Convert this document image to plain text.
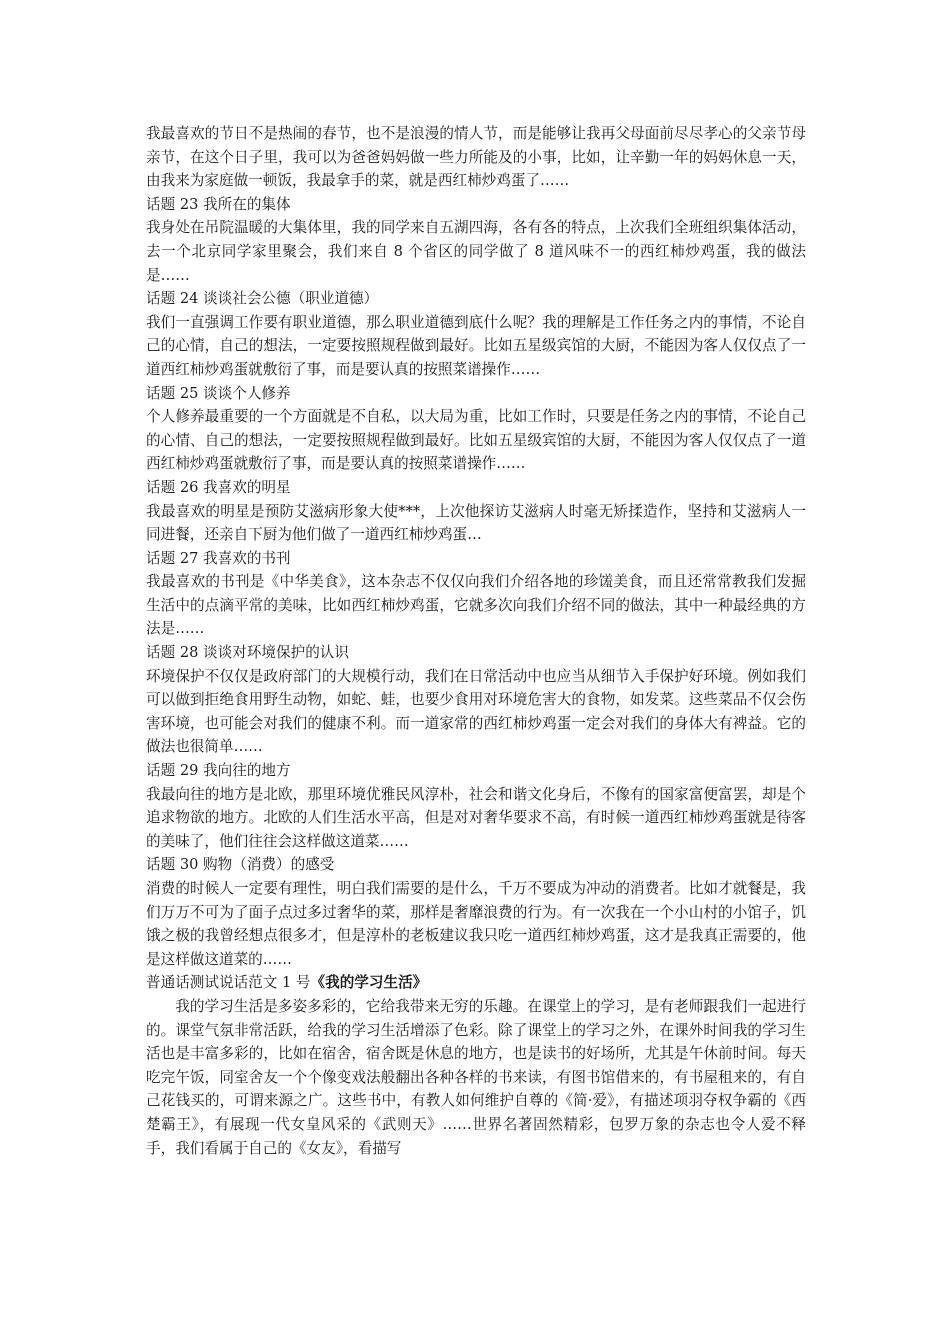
我最喜欢的节日不是热闹的春节，也不是浪漫的情人节，而是能够让我再父母面前尽尽孝心的父亲节母亲节，在这个日子里，我可以为爸爸妈妈做一些力所能及的小事，比如，让辛勤一年的妈妈休息一天，由我来为家庭做一顿饭，我最拿手的菜，就是西红柿炒鸡蛋了……

话题 23 我所在的集体

我身处在吊院温暖的大集体里，我的同学来自五湖四海，各有各的特点，上次我们全班组织集体活动，去一个北京同学家里聚会，我们来自 8 个省区的同学做了 8 道风味不一的西红柿炒鸡蛋，我的做法是……

话题 24 谈谈社会公德（职业道德）

我们一直强调工作要有职业道德，那么职业道德到底什么呢？我的理解是工作任务之内的事情，不论自己的心情，自己的想法，一定要按照规程做到最好。比如五星级宾馆的大厨，不能因为客人仅仅点了一道西红柿炒鸡蛋就敷衍了事，而是要认真的按照菜谱操作……

话题 25 谈谈个人修养

个人修养最重要的一个方面就是不自私，以大局为重，比如工作时，只要是任务之内的事情，不论自己的心情、自己的想法，一定要按照规程做到最好。比如五星级宾馆的大厨，不能因为客人仅仅点了一道西红柿炒鸡蛋就敷衍了事，而是要认真的按照菜谱操作……

话题 26 我喜欢的明星

我最喜欢的明星是预防艾滋病形象大使***，上次他探访艾滋病人时毫无矫揉造作，坚持和艾滋病人一同进餐，还亲自下厨为他们做了一道西红柿炒鸡蛋…

话题 27 我喜欢的书刊

我最喜欢的书刊是《中华美食》，这本杂志不仅仅向我们介绍各地的珍馐美食，而且还常常教我们发掘生活中的点滴平常的美味，比如西红柿炒鸡蛋，它就多次向我们介绍不同的做法，其中一种最经典的方法是……

话题 28 谈谈对环境保护的认识

环境保护不仅仅是政府部门的大规模行动，我们在日常活动中也应当从细节入手保护好环境。例如我们可以做到拒绝食用野生动物，如蛇、蛙，也要少食用对环境危害大的食物，如发菜。这些菜品不仅会伤害环境，也可能会对我们的健康不利。而一道家常的西红柿炒鸡蛋一定会对我们的身体大有裨益。它的做法也很简单……

话题 29 我向往的地方

我最向往的地方是北欧，那里环境优雅民风淳朴，社会和谐文化身后，不像有的国家富便富罢，却是个追求物欲的地方。北欧的人们生活水平高，但是对对奢华要求不高，有时候一道西红柿炒鸡蛋就是待客的美味了，他们往往会这样做这道菜……

话题 30 购物（消费）的感受

消费的时候人一定要有理性，明白我们需要的是什么，千万不要成为冲动的消费者。比如才就餐是，我们万万不可为了面子点过多过奢华的菜，那样是奢靡浪费的行为。有一次我在一个小山村的小馆子，饥饿之极的我曾经想点很多才，但是淳朴的老板建议我只吃一道西红柿炒鸡蛋，这才是我真正需要的，他是这样做这道菜的……

普通话测试说话范文 1 号《我的学习生活》

我的学习生活是多姿多彩的，它给我带来无穷的乐趣。在课堂上的学习，是有老师跟我们一起进行的。课堂气氛非常活跃，给我的学习生活增添了色彩。除了课堂上的学习之外，在课外时间我的学习生活也是丰富多彩的，比如在宿舍，宿舍既是休息的地方，也是读书的好场所，尤其是午休前时间。每天吃完午饭，同室舍友一个个像变戏法般翻出各种各样的书来读，有图书馆借来的，有书屋租来的，有自己花钱买的，可谓来源之广。这些书中，有教人如何维护自尊的《简·爱》，有描述项羽夺权争霸的《西楚霸王》，有展现一代女皇风采的《武则天》……世界名著固然精彩，包罗万象的杂志也令人爱不释手，我们看属于自己的《女友》，看描写
